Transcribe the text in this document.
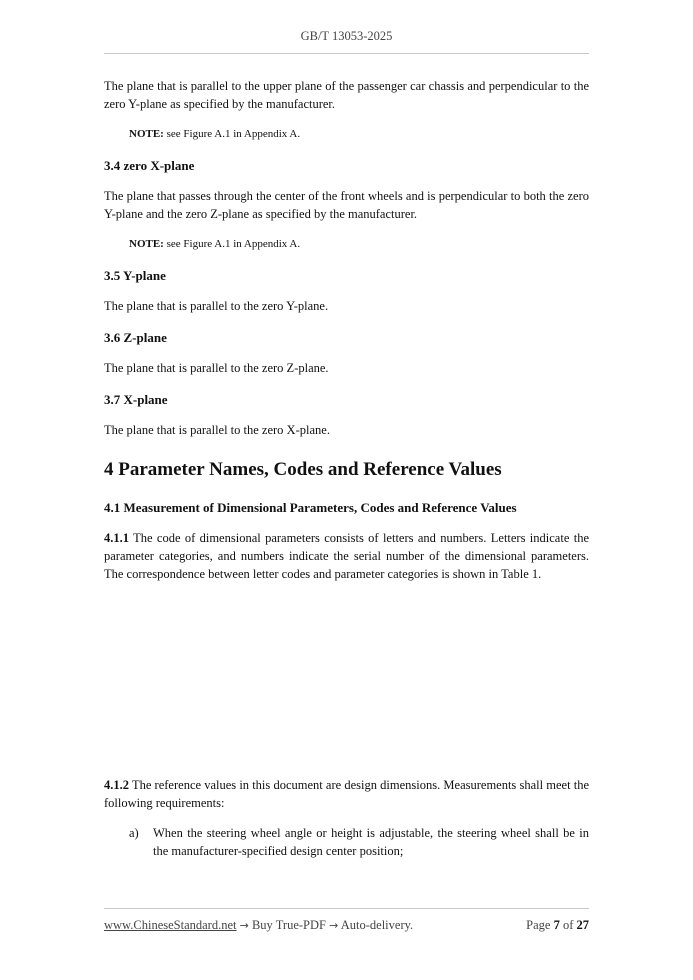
GB/T 13053-2025

The plane that is parallel to the upper plane of the passenger car chassis and perpendicular to the zero Y-plane as specified by the manufacturer.

NOTE: see Figure A.1 in Appendix A.

3.4 zero X-plane

The plane that passes through the center of the front wheels and is perpendicular to both the zero Y-plane and the zero Z-plane as specified by the manufacturer.

NOTE: see Figure A.1 in Appendix A.

3.5 Y-plane

The plane that is parallel to the zero Y-plane.

3.6 Z-plane

The plane that is parallel to the zero Z-plane.

3.7 X-plane

The plane that is parallel to the zero X-plane.

4 Parameter Names, Codes and Reference Values
4.1 Measurement of Dimensional Parameters, Codes and Reference Values

4.1.1 The code of dimensional parameters consists of letters and numbers. Letters indicate the parameter categories, and numbers indicate the serial number of the dimensional parameters. The correspondence between letter codes and parameter categories is shown in Table 1.

4.1.2 The reference values in this document are design dimensions. Measurements shall meet the following requirements:

a)	When the steering wheel angle or height is adjustable, the steering wheel shall be in the manufacturer-specified design center position;
www.ChineseStandard.net → Buy True-PDF → Auto-delivery.	Page 7 of 27
